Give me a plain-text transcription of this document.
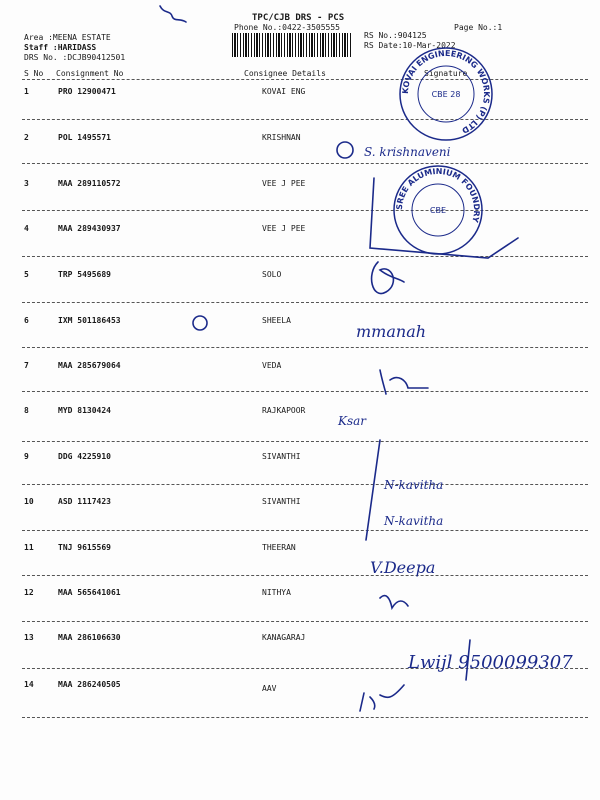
TPC/CJB DRS - PCS
Phone No.:0422-3505555	Page No.:1
Area :MEENA ESTATE
Staff :HARIDASS
DRS No. :DCJB90412501
RS No.:904125
RS Date:10-Mar-2022
S No Consignment No	Consignee Details	Signature
1	PRO 12900471	KOVAI ENG
2	POL 1495571	KRISHNAN
3	MAA 289110572	VEE J PEE
4	MAA 289430937	VEE J PEE
5	TRP 5495689	SOLO
6	IXM 501186453	SHEELA
7	MAA 285679064	VEDA
8	MYD 8130424	RAJKAPOOR
9	DDG 4225910	SIVANTHI
10	ASD 1117423	SIVANTHI
11	TNJ 9615569	THEERAN
12	MAA 565641061	NITHYA
13	MAA 286106630	KANAGARAJ
14	MAA 286240505	AAV
KOVAI ENGINEERING WORKS (P) LTD
CBE 28
SREE ALUMINIUM FOUNDRY
CBE
S. krishnaveni
mmanah
Ksar
N-kavitha
N-kavitha
V.Deepa
Lwijl 9500099307
